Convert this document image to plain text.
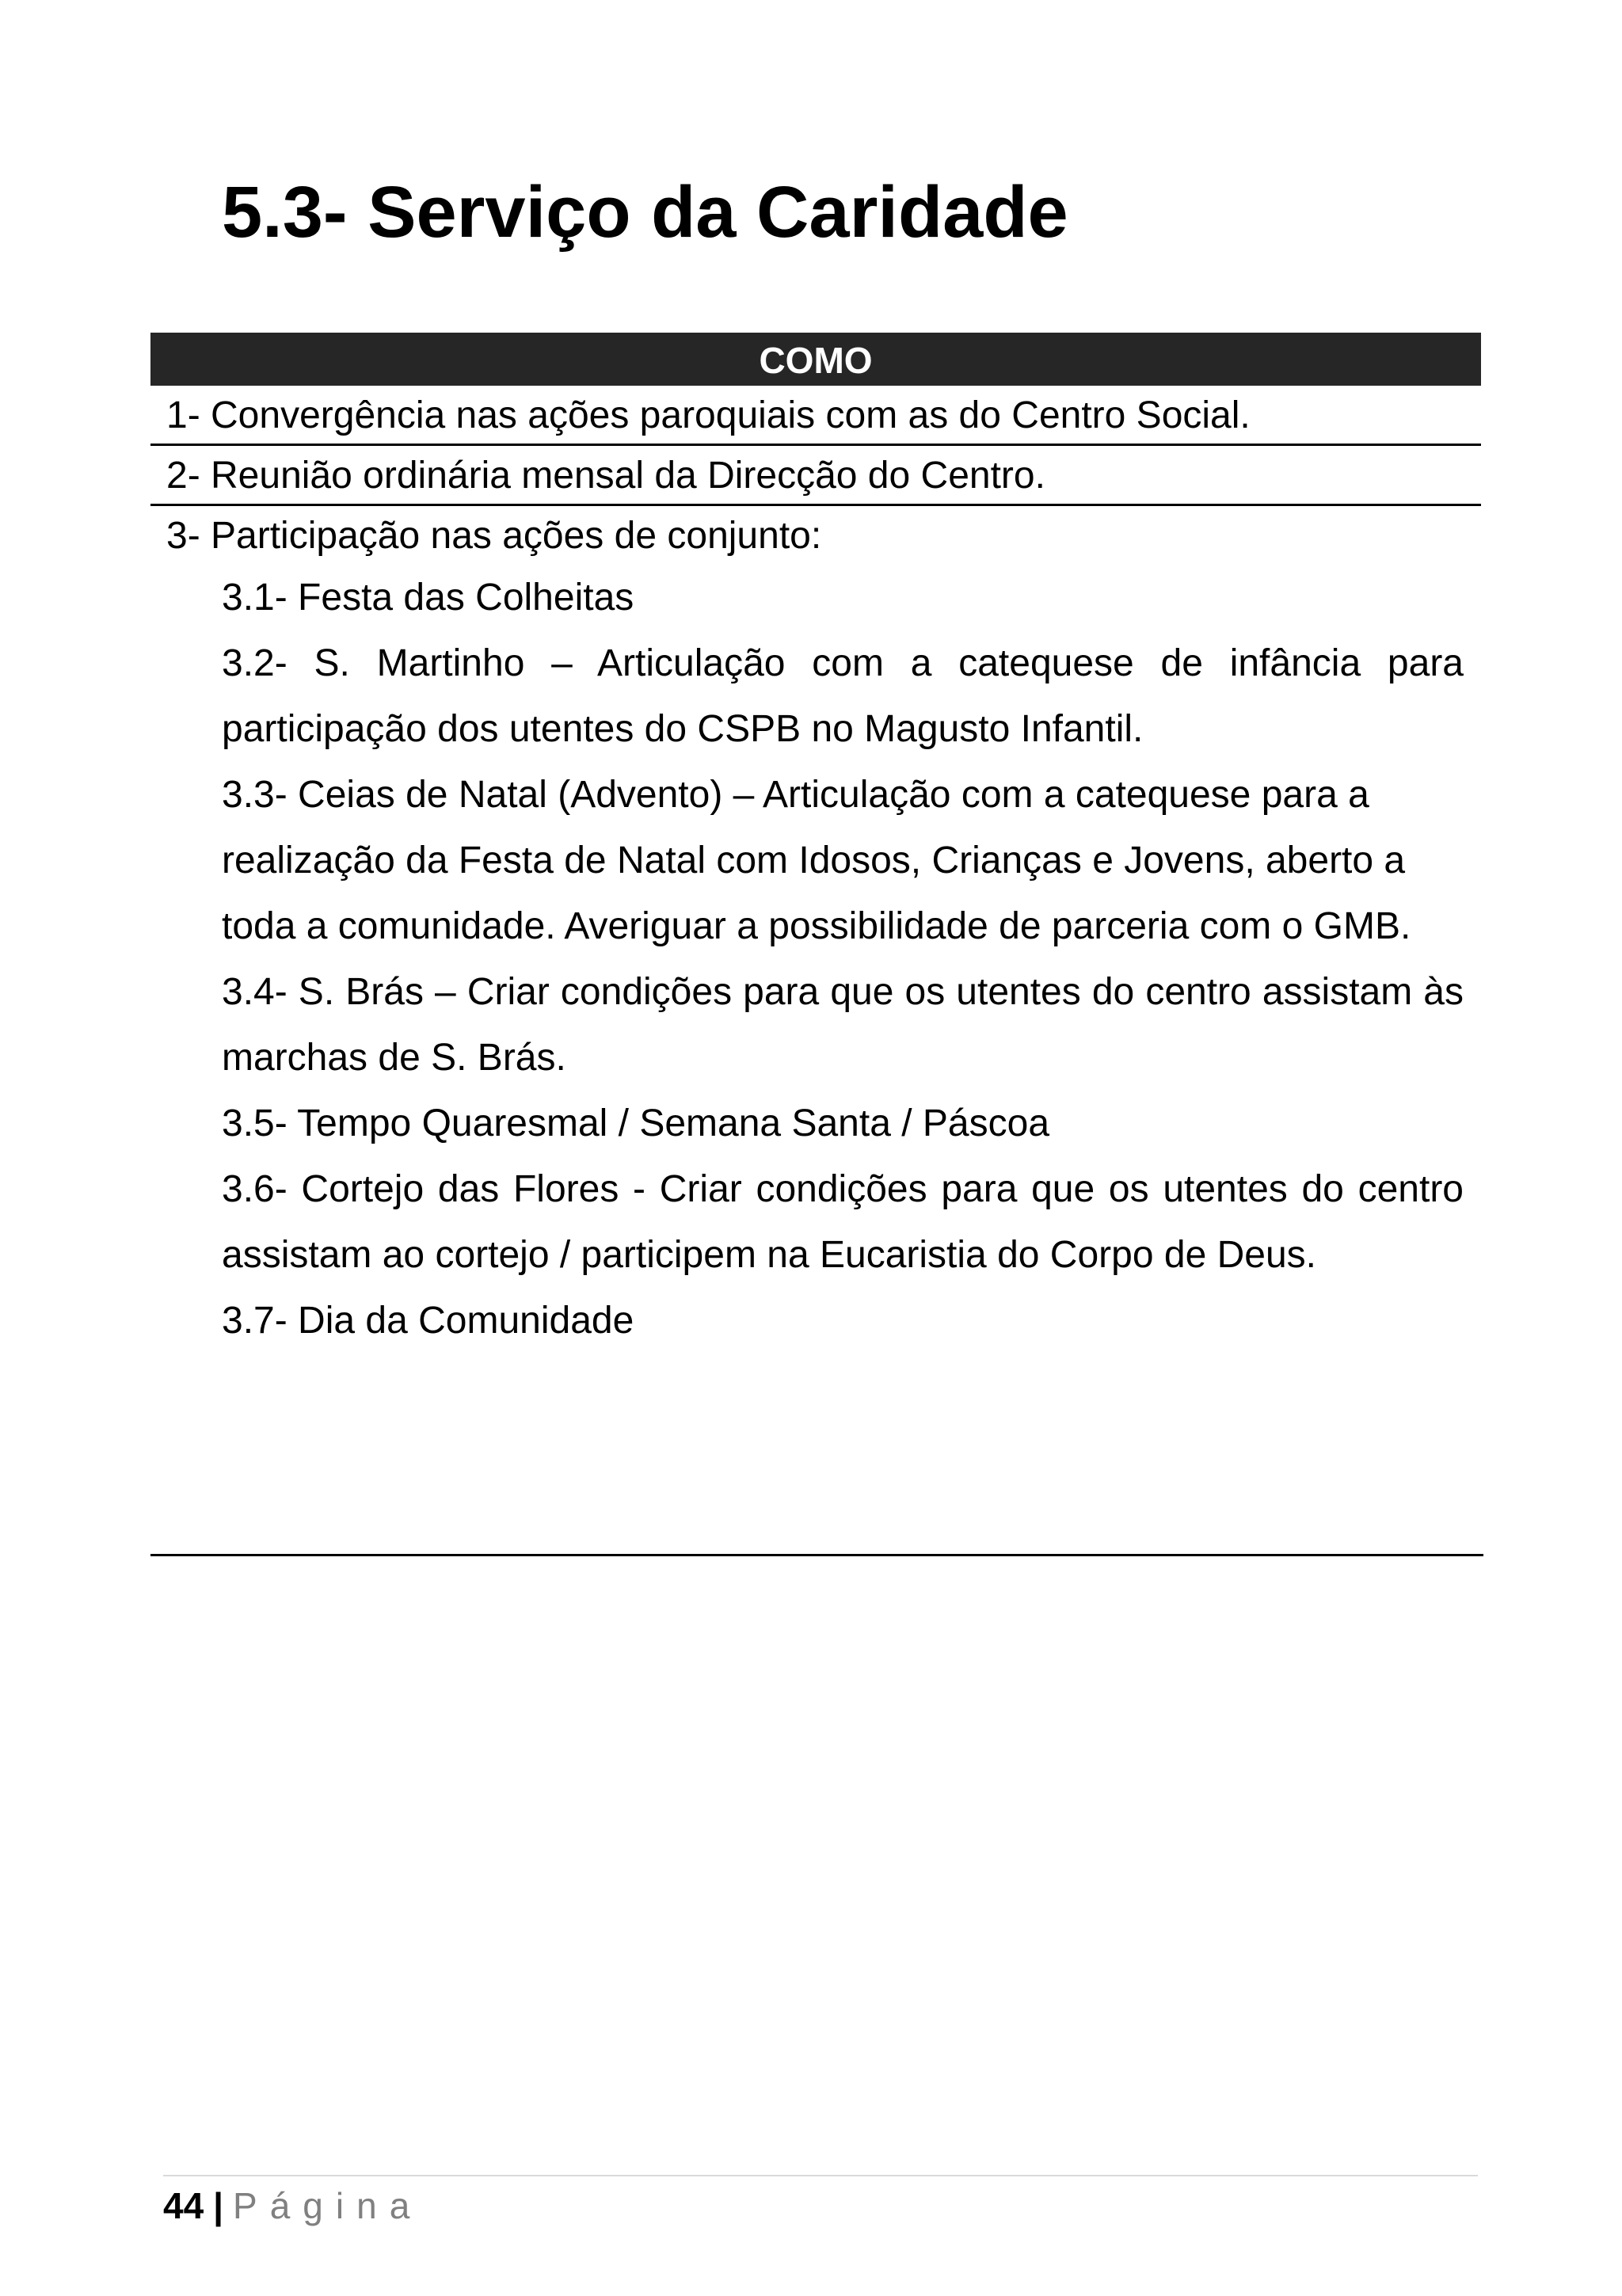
5.3- Serviço da Caridade
COMO
1- Convergência nas ações paroquiais com as do Centro Social.
2- Reunião ordinária mensal da Direcção do Centro.
3- Participação nas ações de conjunto:
3.1- Festa das Colheitas
3.2- S. Martinho – Articulação com a catequese de infância para participação dos utentes do CSPB no Magusto Infantil.
3.3- Ceias de Natal (Advento) – Articulação com a catequese para a realização da Festa de Natal com Idosos, Crianças e Jovens, aberto a toda a comunidade. Averiguar a possibilidade de parceria com o GMB.
3.4- S. Brás – Criar condições para que os utentes do centro assistam às marchas de S. Brás.
3.5- Tempo Quaresmal / Semana Santa / Páscoa
3.6- Cortejo das Flores - Criar condições para que os utentes do centro assistam ao cortejo / participem na Eucaristia do Corpo de Deus.
3.7- Dia da Comunidade
44 | Página
